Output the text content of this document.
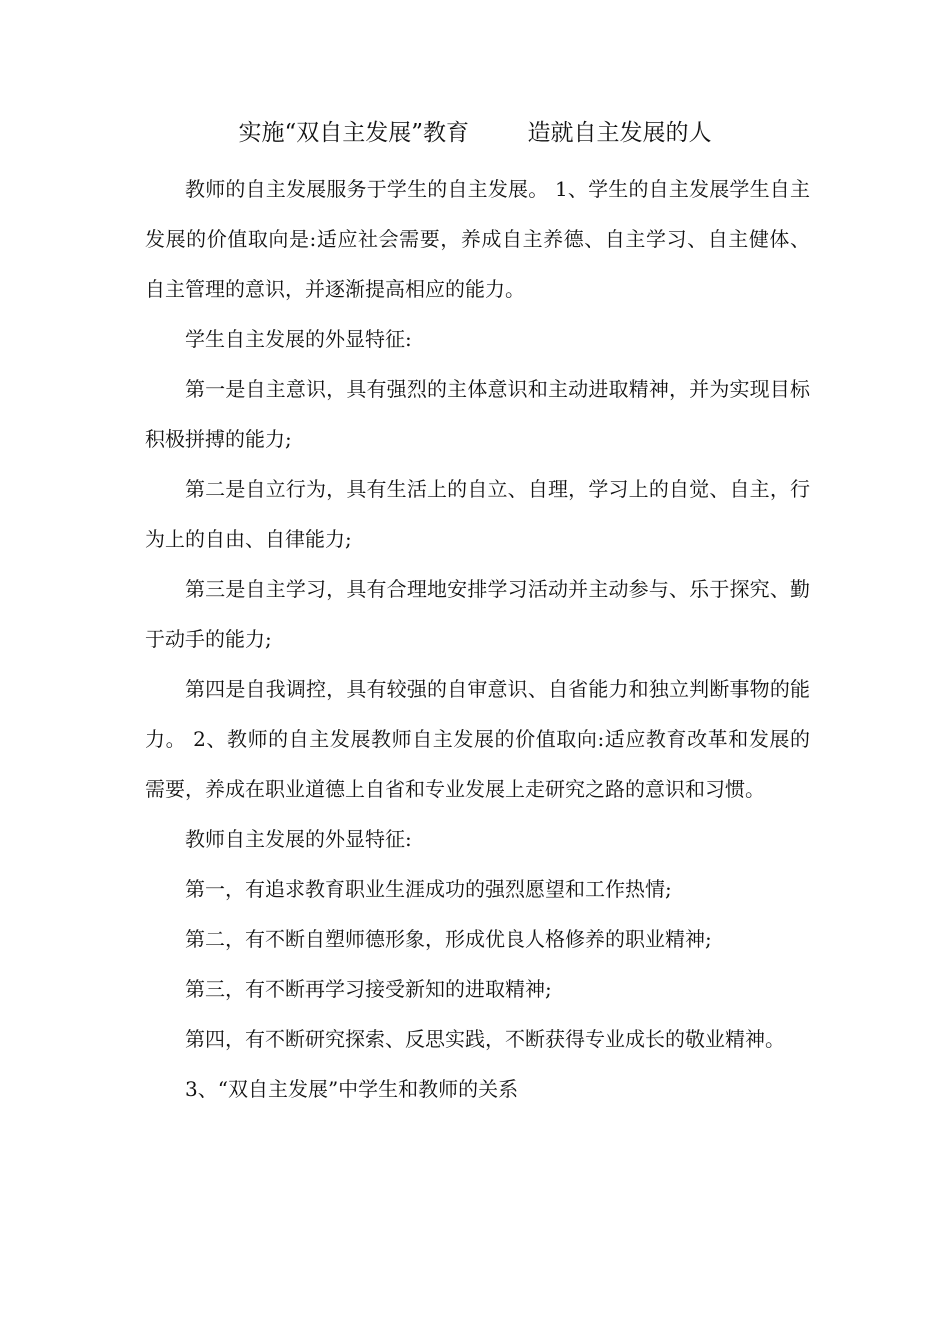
实施“双自主发展”教育        造就自主发展的人

教师的自主发展服务于学生的自主发展。 1、学生的自主发展学生自主发展的价值取向是:适应社会需要，养成自主养德、自主学习、自主健体、自主管理的意识，并逐渐提高相应的能力。

学生自主发展的外显特征:

第一是自主意识，具有强烈的主体意识和主动进取精神，并为实现目标积极拼搏的能力;

第二是自立行为，具有生活上的自立、自理，学习上的自觉、自主，行为上的自由、自律能力;

第三是自主学习，具有合理地安排学习活动并主动参与、乐于探究、勤于动手的能力;

第四是自我调控，具有较强的自审意识、自省能力和独立判断事物的能力。 2、教师的自主发展教师自主发展的价值取向:适应教育改革和发展的需要，养成在职业道德上自省和专业发展上走研究之路的意识和习惯。

教师自主发展的外显特征:

第一，有追求教育职业生涯成功的强烈愿望和工作热情;

第二，有不断自塑师德形象，形成优良人格修养的职业精神;

第三，有不断再学习接受新知的进取精神;

第四，有不断研究探索、反思实践，不断获得专业成长的敬业精神。

3、“双自主发展”中学生和教师的关系
